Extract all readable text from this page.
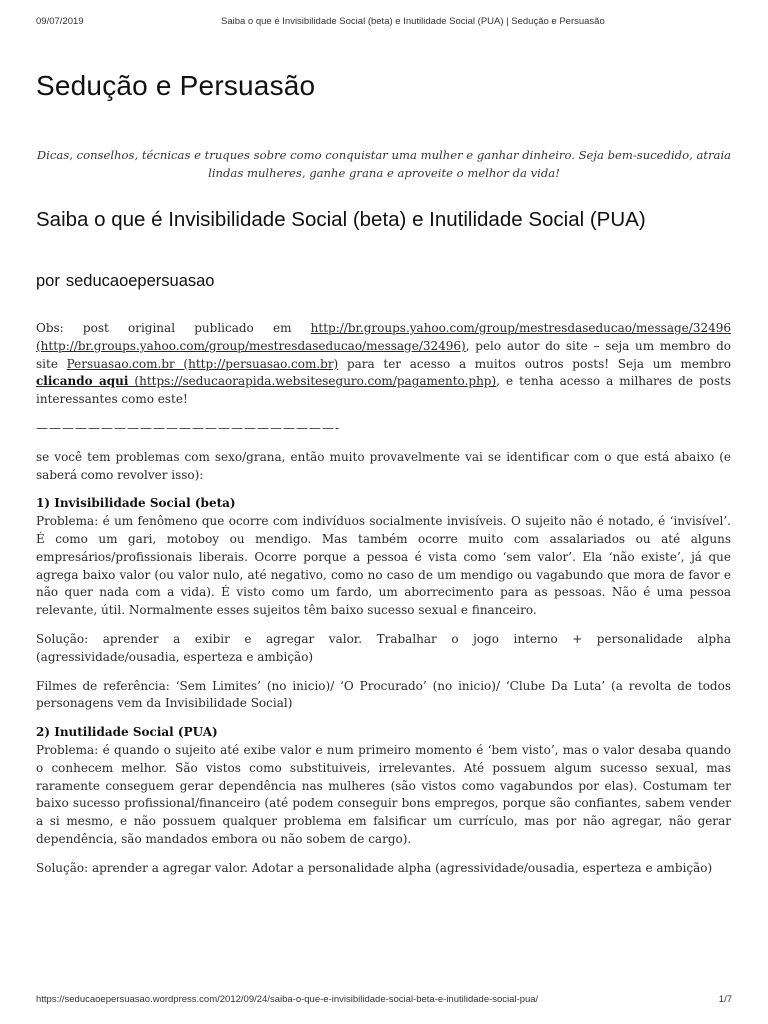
09/07/2019	Saiba o que é Invisibilidade Social (beta) e Inutilidade Social (PUA) | Sedução e Persuasão
Sedução e Persuasão
Dicas, conselhos, técnicas e truques sobre como conquistar uma mulher e ganhar dinheiro. Seja bem-sucedido, atraia lindas mulheres, ganhe grana e aproveite o melhor da vida!
Saiba o que é Invisibilidade Social (beta) e Inutilidade Social (PUA)
por seducaoepersuasao

Obs: post original publicado em http://br.groups.yahoo.com/group/mestresdaseducao/message/32496 (http://br.groups.yahoo.com/group/mestresdaseducao/message/32496), pelo autor do site – seja um membro do site Persuasao.com.br (http://persuasao.com.br) para ter acesso a muitos outros posts! Seja um membro clicando aqui (https://seducaorapida.websiteseguro.com/pagamento.php), e tenha acesso a milhares de posts interessantes como este!

———————————————————————-

se você tem problemas com sexo/grana, então muito provavelmente vai se identificar com o que está abaixo (e saberá como revolver isso):

1) Invisibilidade Social (beta)

Problema: é um fenômeno que ocorre com indivíduos socialmente invisíveis. O sujeito não é notado, é ‘invisível’. É como um gari, motoboy ou mendigo. Mas também ocorre muito com assalariados ou até alguns empresários/profissionais liberais. Ocorre porque a pessoa é vista como ‘sem valor’. Ela ‘não existe’, já que agrega baixo valor (ou valor nulo, até negativo, como no caso de um mendigo ou vagabundo que mora de favor e não quer nada com a vida). É visto como um fardo, um aborrecimento para as pessoas. Não é uma pessoa relevante, útil. Normalmente esses sujeitos têm baixo sucesso sexual e financeiro.

Solução: aprender a exibir e agregar valor. Trabalhar o jogo interno + personalidade alpha (agressividade/ousadia, esperteza e ambição)

Filmes de referência: ‘Sem Limites’ (no inicio)/ ‘O Procurado’ (no inicio)/ ‘Clube Da Luta’ (a revolta de todos personagens vem da Invisibilidade Social)

2) Inutilidade Social (PUA)

Problema: é quando o sujeito até exibe valor e num primeiro momento é ‘bem visto’, mas o valor desaba quando o conhecem melhor. São vistos como substituiveis, irrelevantes. Até possuem algum sucesso sexual, mas raramente conseguem gerar dependência nas mulheres (são vistos como vagabundos por elas). Costumam ter baixo sucesso profissional/financeiro (até podem conseguir bons empregos, porque são confiantes, sabem vender a si mesmo, e não possuem qualquer problema em falsificar um currículo, mas por não agregar, não gerar dependência, são mandados embora ou não sobem de cargo).

Solução: aprender a agregar valor. Adotar a personalidade alpha (agressividade/ousadia, esperteza e ambição)

https://seducaoepersuasao.wordpress.com/2012/09/24/saiba-o-que-e-invisibilidade-social-beta-e-inutilidade-social-pua/	1/7
